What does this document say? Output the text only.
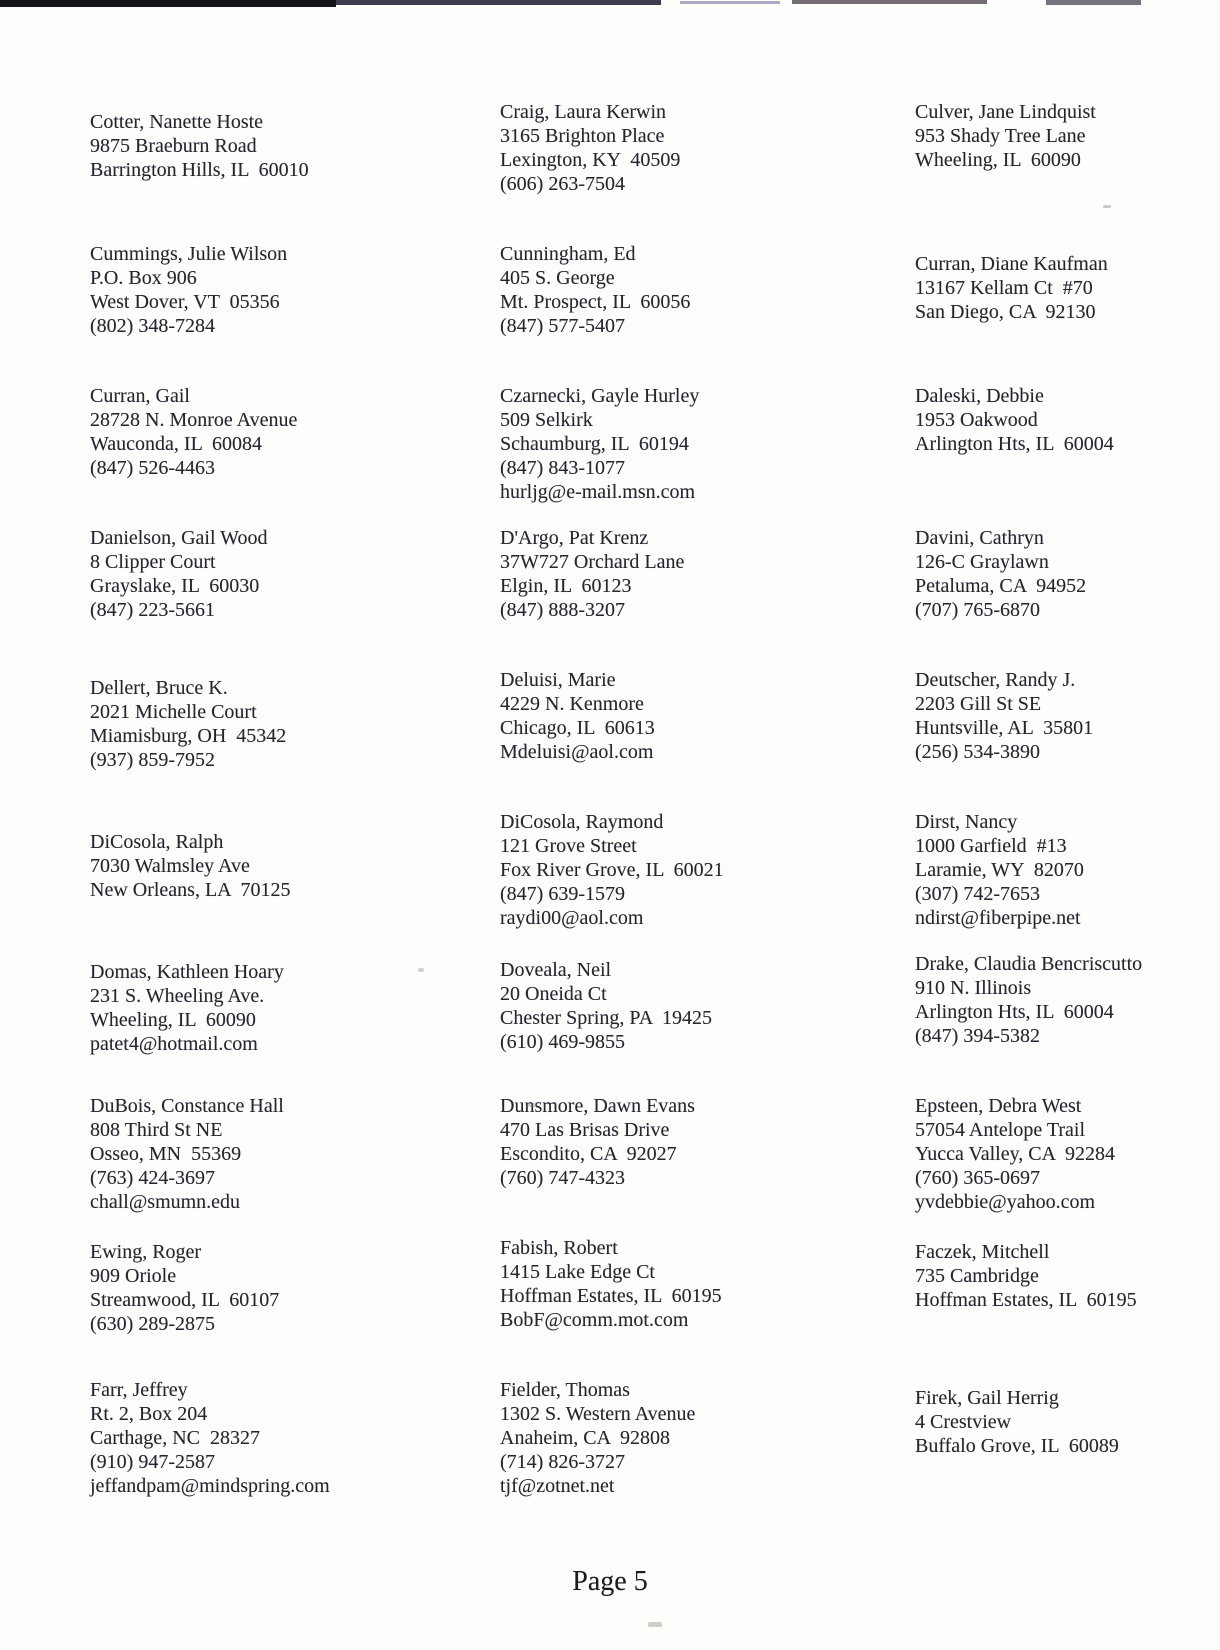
Cotter, Nanette Hoste
9875 Braeburn Road
Barrington Hills, IL  60010
Cummings, Julie Wilson
P.O. Box 906
West Dover, VT  05356
(802) 348-7284
Curran, Gail
28728 N. Monroe Avenue
Wauconda, IL  60084
(847) 526-4463
Danielson, Gail Wood
8 Clipper Court
Grayslake, IL  60030
(847) 223-5661
Dellert, Bruce K.
2021 Michelle Court
Miamisburg, OH  45342
(937) 859-7952
DiCosola, Ralph
7030 Walmsley Ave
New Orleans, LA  70125
Domas, Kathleen Hoary
231 S. Wheeling Ave.
Wheeling, IL  60090
patet4@hotmail.com
DuBois, Constance Hall
808 Third St NE
Osseo, MN  55369
(763) 424-3697
chall@smumn.edu
Ewing, Roger
909 Oriole
Streamwood, IL  60107
(630) 289-2875
Farr, Jeffrey
Rt. 2, Box 204
Carthage, NC  28327
(910) 947-2587
jeffandpam@mindspring.com
Craig, Laura Kerwin
3165 Brighton Place
Lexington, KY  40509
(606) 263-7504
Cunningham, Ed
405 S. George
Mt. Prospect, IL  60056
(847) 577-5407
Czarnecki, Gayle Hurley
509 Selkirk
Schaumburg, IL  60194
(847) 843-1077
hurljg@e-mail.msn.com
D'Argo, Pat Krenz
37W727 Orchard Lane
Elgin, IL  60123
(847) 888-3207
Deluisi, Marie
4229 N. Kenmore
Chicago, IL  60613
Mdeluisi@aol.com
DiCosola, Raymond
121 Grove Street
Fox River Grove, IL  60021
(847) 639-1579
raydi00@aol.com
Doveala, Neil
20 Oneida Ct
Chester Spring, PA  19425
(610) 469-9855
Dunsmore, Dawn Evans
470 Las Brisas Drive
Escondito, CA  92027
(760) 747-4323
Fabish, Robert
1415 Lake Edge Ct
Hoffman Estates, IL  60195
BobF@comm.mot.com
Fielder, Thomas
1302 S. Western Avenue
Anaheim, CA  92808
(714) 826-3727
tjf@zotnet.net
Culver, Jane Lindquist
953 Shady Tree Lane
Wheeling, IL  60090
Curran, Diane Kaufman
13167 Kellam Ct  #70
San Diego, CA  92130
Daleski, Debbie
1953 Oakwood
Arlington Hts, IL  60004
Davini, Cathryn
126-C Graylawn
Petaluma, CA  94952
(707) 765-6870
Deutscher, Randy J.
2203 Gill St SE
Huntsville, AL  35801
(256) 534-3890
Dirst, Nancy
1000 Garfield  #13
Laramie, WY  82070
(307) 742-7653
ndirst@fiberpipe.net
Drake, Claudia Bencriscutto
910 N. Illinois
Arlington Hts, IL  60004
(847) 394-5382
Epsteen, Debra West
57054 Antelope Trail
Yucca Valley, CA  92284
(760) 365-0697
yvdebbie@yahoo.com
Faczek, Mitchell
735 Cambridge
Hoffman Estates, IL  60195
Firek, Gail Herrig
4 Crestview
Buffalo Grove, IL  60089
Page 5
